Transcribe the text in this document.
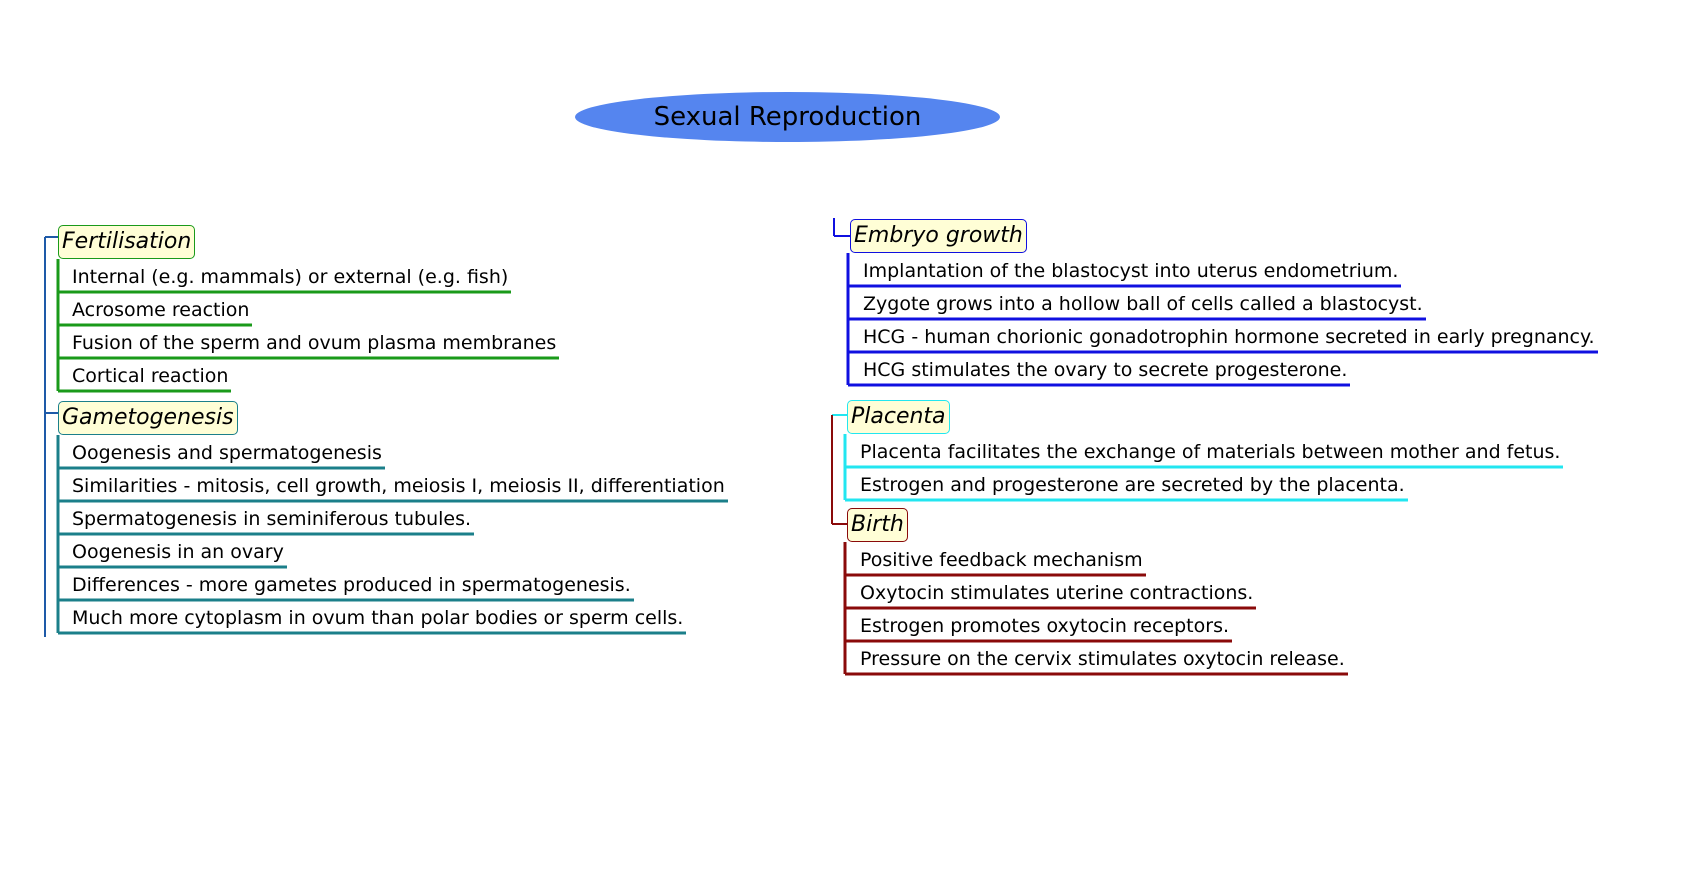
Sexual Reproduction
Fertilisation
Internal (e.g. mammals) or external (e.g. fish)
Acrosome reaction
Fusion of the sperm and ovum plasma membranes
Cortical reaction
Gametogenesis
Oogenesis and spermatogenesis
Similarities - mitosis, cell growth, meiosis I, meiosis II, differentiation
Spermatogenesis in seminiferous tubules.
Oogenesis in an ovary
Differences - more gametes produced in spermatogenesis.
Much more cytoplasm in ovum than polar bodies or sperm cells.
Embryo growth
Implantation of the blastocyst into uterus endometrium.
Zygote grows into a hollow ball of cells called a blastocyst.
HCG - human chorionic gonadotrophin hormone secreted in early pregnancy.
HCG stimulates the ovary to secrete progesterone.
Placenta
Placenta facilitates the exchange of materials between mother and fetus.
Estrogen and progesterone are secreted by the placenta.
Birth
Positive feedback mechanism
Oxytocin stimulates uterine contractions.
Estrogen promotes oxytocin receptors.
Pressure on the cervix stimulates oxytocin release.
